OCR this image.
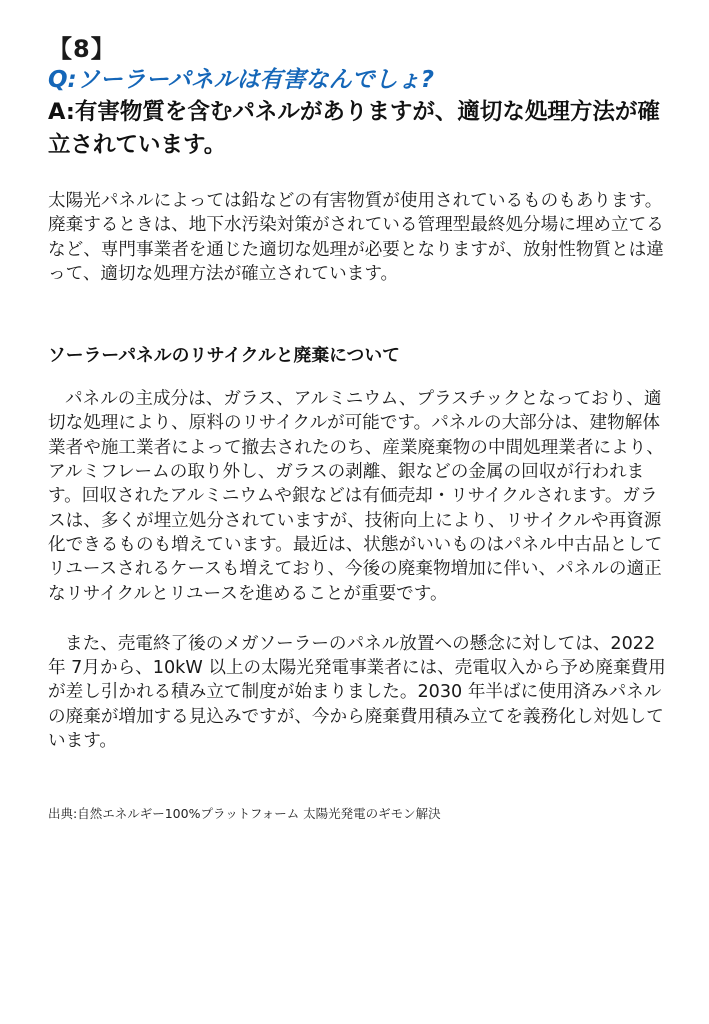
【8】
Q:ソーラーパネルは有害なんでしょ?
A:有害物質を含むパネルがありますが、適切な処理方法が確立されています。

太陽光パネルによっては鉛などの有害物質が使用されているものもあります。廃棄するときは、地下水汚染対策がされている管理型最終処分場に埋め立てるなど、専門事業者を通じた適切な処理が必要となりますが、放射性物質とは違って、適切な処理方法が確立されています。

ソーラーパネルのリサイクルと廃棄について

パネルの主成分は、ガラス、アルミニウム、プラスチックとなっており、適切な処理により、原料のリサイクルが可能です。パネルの大部分は、建物解体業者や施工業者によって撤去されたのち、産業廃棄物の中間処理業者により、アルミフレームの取り外し、ガラスの剥離、銀などの金属の回収が行われます。回収されたアルミニウムや銀などは有価売却・リサイクルされます。ガラスは、多くが埋立処分されていますが、技術向上により、リサイクルや再資源化できるものも増えています。最近は、状態がいいものはパネル中古品としてリユースされるケースも増えており、今後の廃棄物増加に伴い、パネルの適正なリサイクルとリユースを進めることが重要です。

また、売電終了後のメガソーラーのパネル放置への懸念に対しては、2022 年 7月から、10kW 以上の太陽光発電事業者には、売電収入から予め廃棄費用が差し引かれる積み立て制度が始まりました。2030 年半ばに使用済みパネルの廃棄が増加する見込みですが、今から廃棄費用積み立てを義務化し対処しています。

出典:自然エネルギー100%プラットフォーム 太陽光発電のギモン解決
